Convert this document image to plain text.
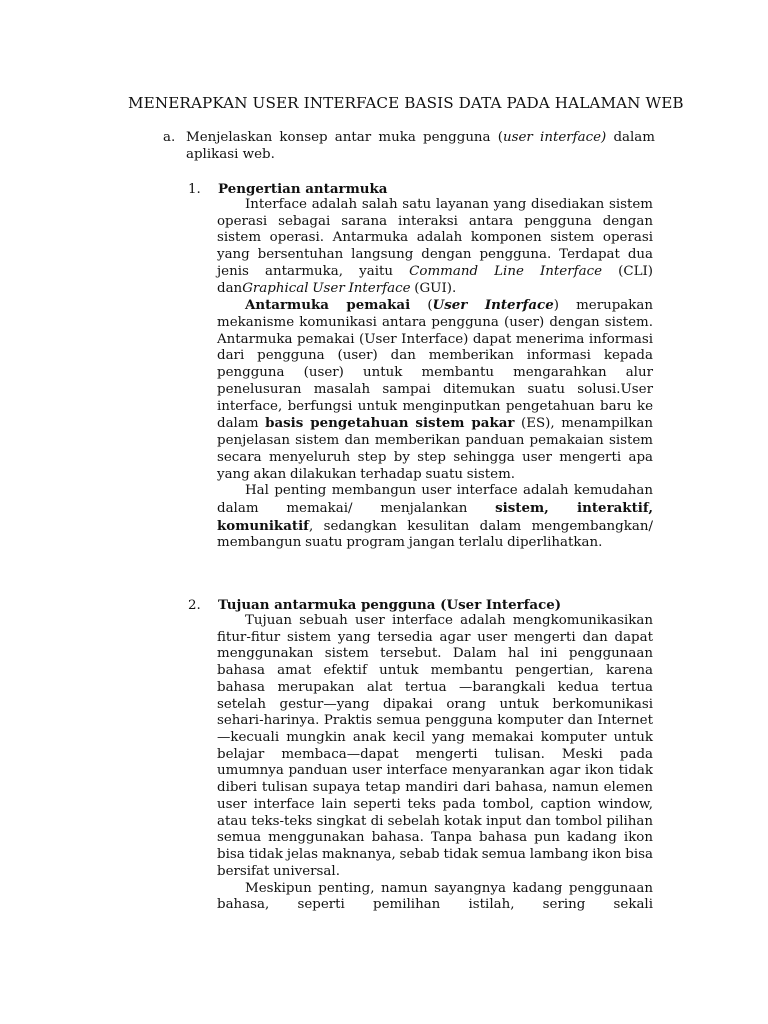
MENERAPKAN USER INTERFACE BASIS DATA PADA HALAMAN WEB
a. Menjelaskan konsep antar muka pengguna (user interface) dalam aplikasi web.
1. Pengertian antarmuka

Interface adalah salah satu layanan yang disediakan sistem operasi sebagai sarana interaksi antara pengguna dengan sistem operasi. Antarmuka adalah komponen sistem operasi yang bersentuhan langsung dengan pengguna. Terdapat dua jenis antarmuka, yaitu Command Line Interface (CLI) danGraphical User Interface (GUI).

Antarmuka pemakai (User Interface) merupakan mekanisme komunikasi antara pengguna (user) dengan sistem. Antarmuka pemakai (User Interface) dapat menerima informasi dari pengguna (user) dan memberikan informasi kepada pengguna (user) untuk membantu mengarahkan alur penelusuran masalah sampai ditemukan suatu solusi.User interface, berfungsi untuk menginputkan pengetahuan baru ke dalam basis pengetahuan sistem pakar (ES), menampilkan penjelasan sistem dan memberikan panduan pemakaian sistem secara menyeluruh step by step sehingga user mengerti apa yang akan dilakukan terhadap suatu sistem.

Hal penting membangun user interface adalah kemudahan dalam memakai/ menjalankan sistem, interaktif, komunikatif, sedangkan kesulitan dalam mengembangkan/ membangun suatu program jangan terlalu diperlihatkan.

2. Tujuan antarmuka pengguna (User Interface)

Tujuan sebuah user interface adalah mengkomunikasikan fitur-fitur sistem yang tersedia agar user mengerti dan dapat menggunakan sistem tersebut. Dalam hal ini penggunaan bahasa amat efektif untuk membantu pengertian, karena bahasa merupakan alat tertua —barangkali kedua tertua setelah gestur—yang dipakai orang untuk berkomunikasi sehari-harinya. Praktis semua pengguna komputer dan Internet—kecuali mungkin anak kecil yang memakai komputer untuk belajar membaca—dapat mengerti tulisan. Meski pada umumnya panduan user interface menyarankan agar ikon tidak diberi tulisan supaya tetap mandiri dari bahasa, namun elemen user interface lain seperti teks pada tombol, caption window, atau teks-teks singkat di sebelah kotak input dan tombol pilihan semua menggunakan bahasa. Tanpa bahasa pun kadang ikon bisa tidak jelas maknanya, sebab tidak semua lambang ikon bisa bersifat universal.

Meskipun penting, namun sayangnya kadang penggunaan bahasa, seperti pemilihan istilah, sering sekali
